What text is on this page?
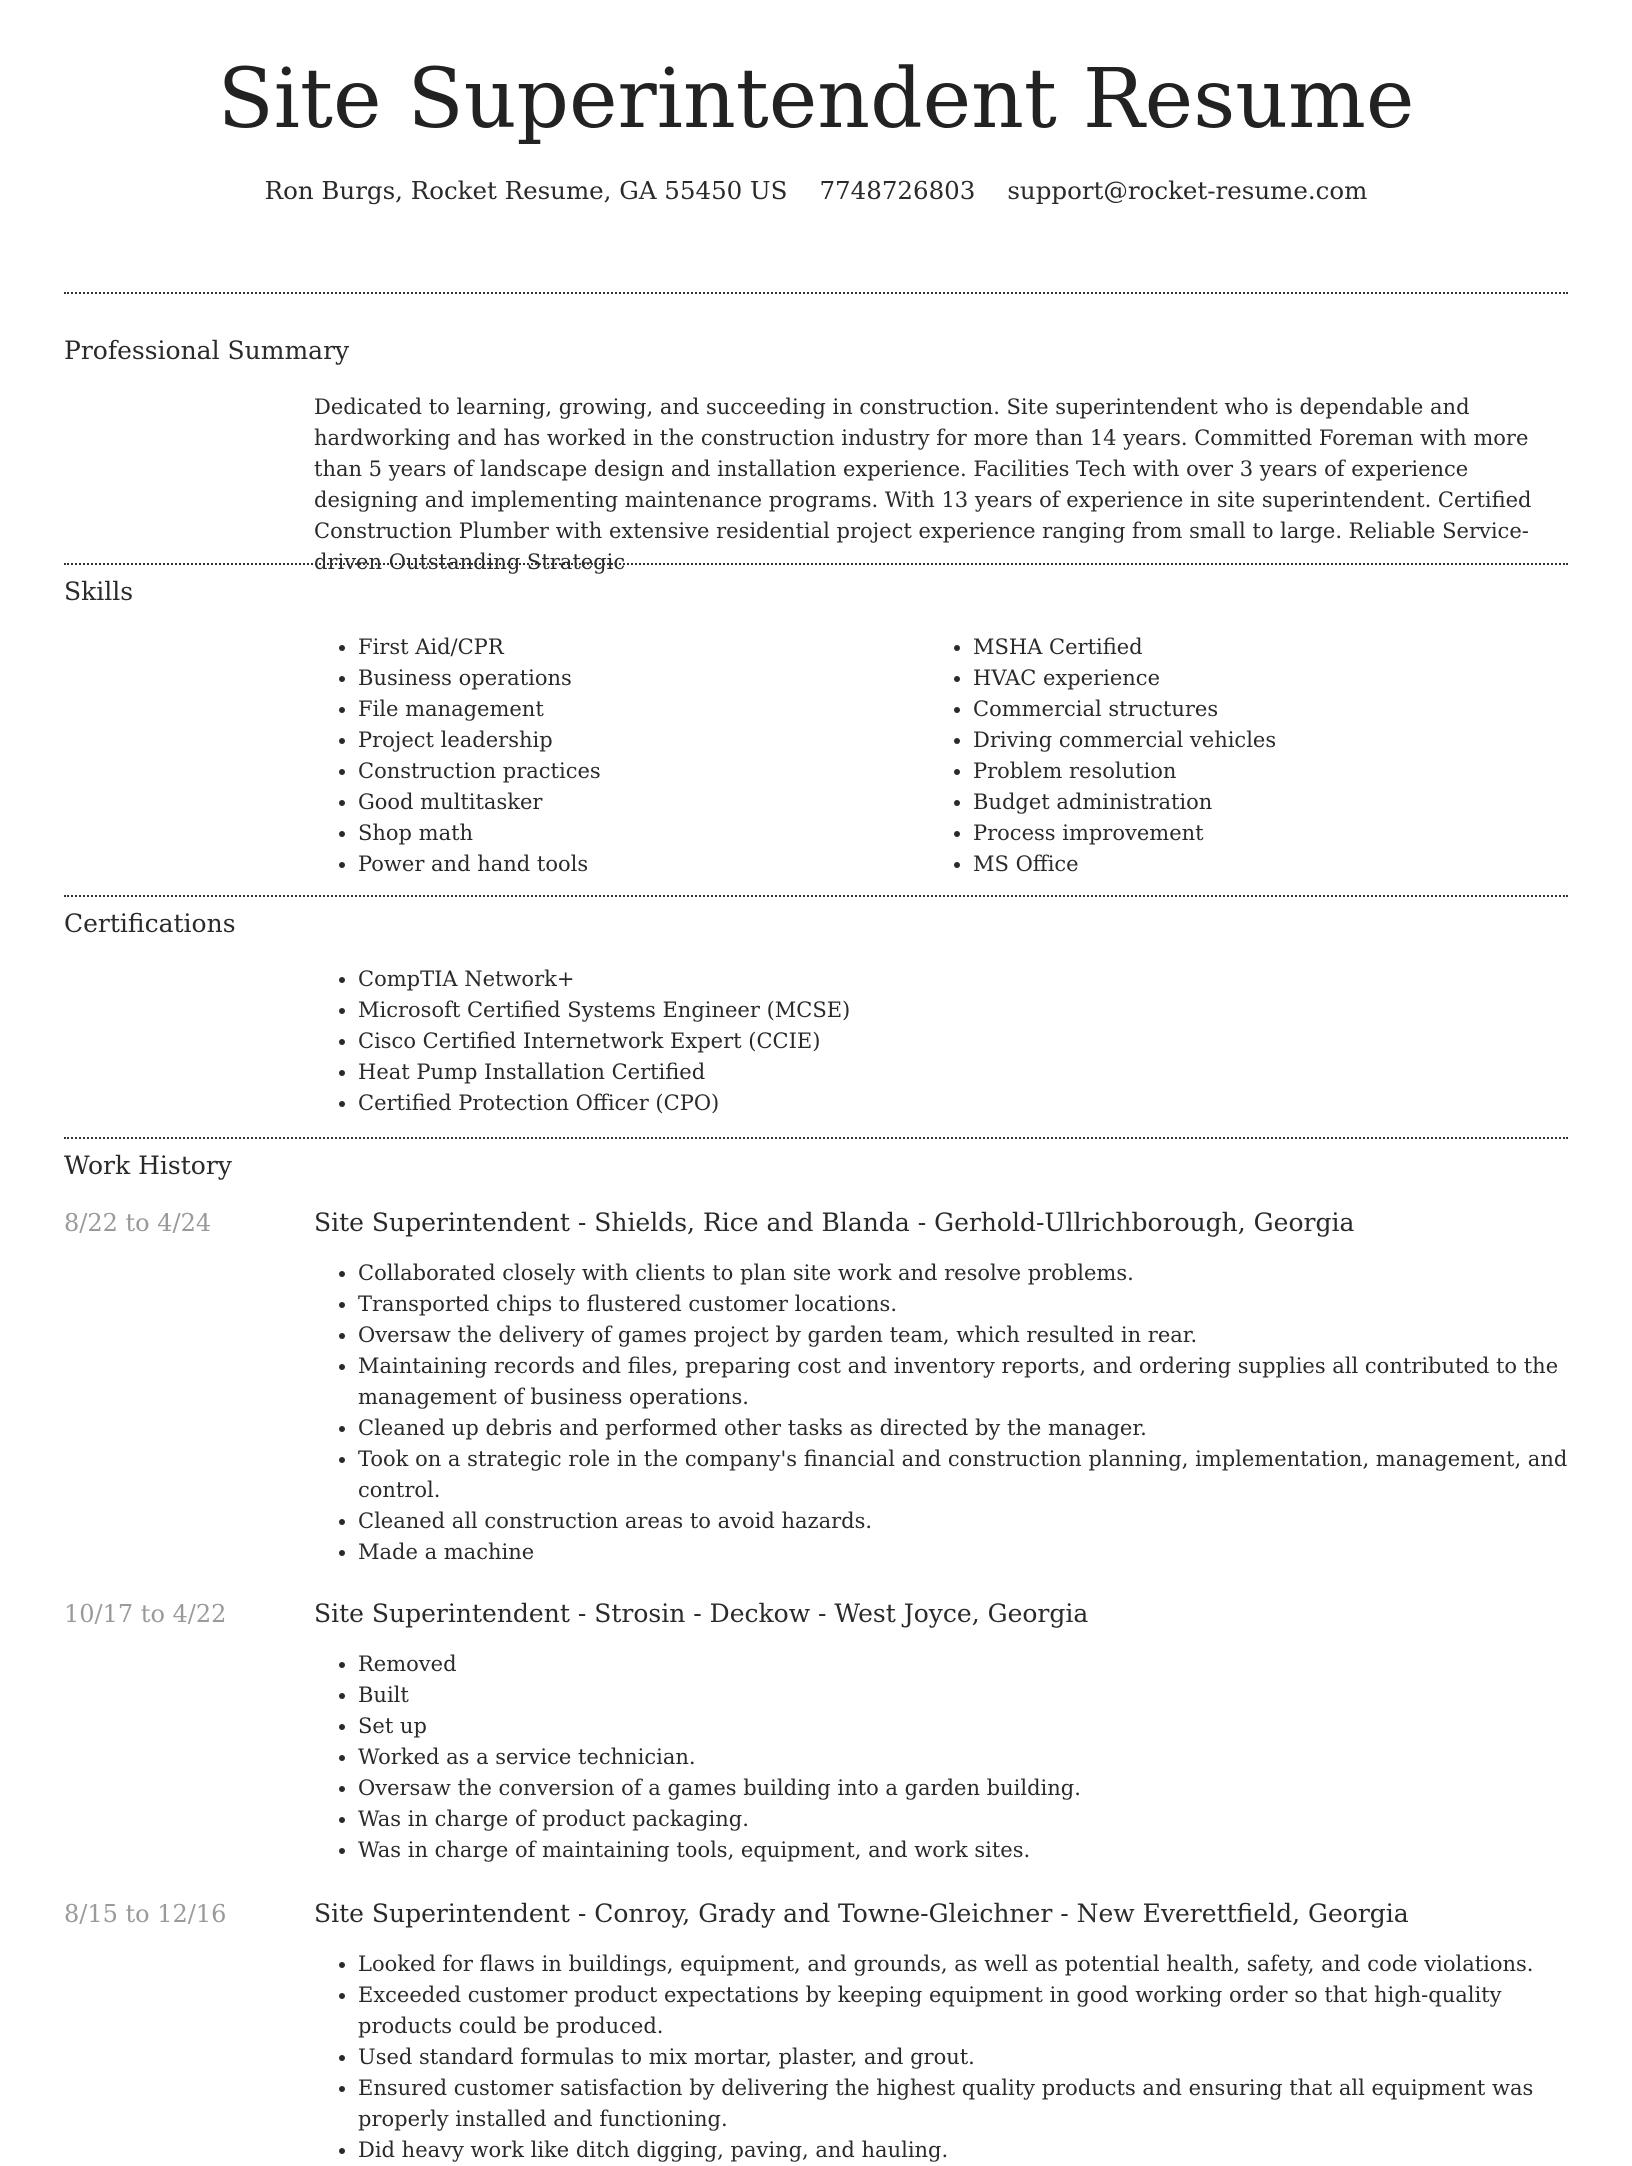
Site Superintendent Resume
Ron Burgs, Rocket Resume, GA 55450 US 7748726803 support@rocket-resume.com
Professional Summary
Dedicated to learning, growing, and succeeding in construction. Site superintendent who is dependable and hardworking and has worked in the construction industry for more than 14 years. Committed Foreman with more than 5 years of landscape design and installation experience. Facilities Tech with over 3 years of experience designing and implementing maintenance programs. With 13 years of experience in site superintendent. Certified Construction Plumber with extensive residential project experience ranging from small to large. Reliable Service-driven Outstanding Strategic
Skills
• First Aid/CPR
• Business operations
• File management
• Project leadership
• Construction practices
• Good multitasker
• Shop math
• Power and hand tools
• MSHA Certified
• HVAC experience
• Commercial structures
• Driving commercial vehicles
• Problem resolution
• Budget administration
• Process improvement
• MS Office
Certifications
• CompTIA Network+
• Microsoft Certified Systems Engineer (MCSE)
• Cisco Certified Internetwork Expert (CCIE)
• Heat Pump Installation Certified
• Certified Protection Officer (CPO)
Work History
8/22 to 4/24	Site Superintendent - Shields, Rice and Blanda - Gerhold-Ullrichborough, Georgia
• Collaborated closely with clients to plan site work and resolve problems.
• Transported chips to flustered customer locations.
• Oversaw the delivery of games project by garden team, which resulted in rear.
• Maintaining records and files, preparing cost and inventory reports, and ordering supplies all contributed to the management of business operations.
• Cleaned up debris and performed other tasks as directed by the manager.
• Took on a strategic role in the company's financial and construction planning, implementation, management, and control.
• Cleaned all construction areas to avoid hazards.
• Made a machine
10/17 to 4/22	Site Superintendent - Strosin - Deckow - West Joyce, Georgia
• Removed
• Built
• Set up
• Worked as a service technician.
• Oversaw the conversion of a games building into a garden building.
• Was in charge of product packaging.
• Was in charge of maintaining tools, equipment, and work sites.
8/15 to 12/16	Site Superintendent - Conroy, Grady and Towne-Gleichner - New Everettfield, Georgia
• Looked for flaws in buildings, equipment, and grounds, as well as potential health, safety, and code violations.
• Exceeded customer product expectations by keeping equipment in good working order so that high-quality products could be produced.
• Used standard formulas to mix mortar, plaster, and grout.
• Ensured customer satisfaction by delivering the highest quality products and ensuring that all equipment was properly installed and functioning.
• Did heavy work like ditch digging, paving, and hauling.
